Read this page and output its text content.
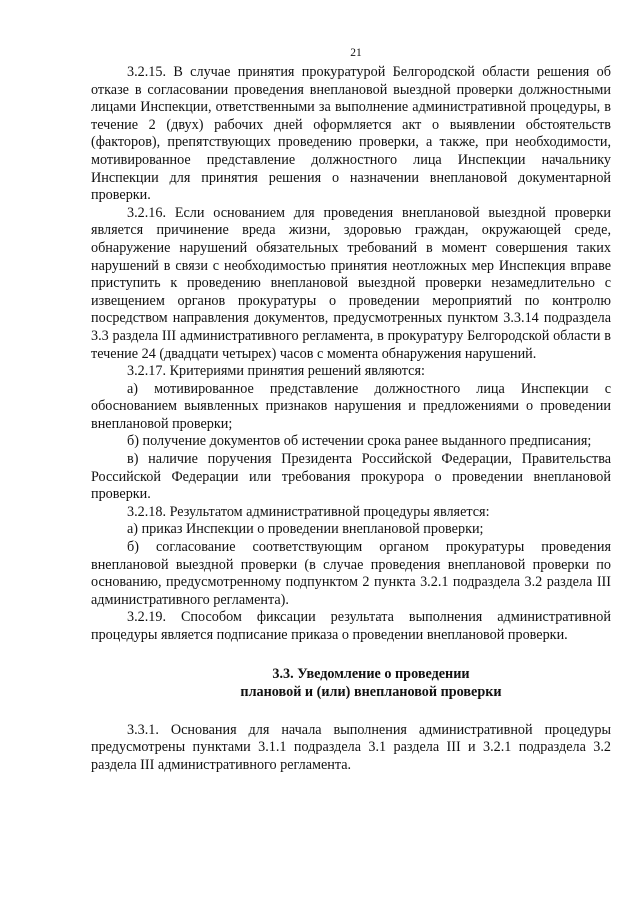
21

3.2.15. В случае принятия прокуратурой Белгородской области решения об отказе в согласовании проведения внеплановой выездной проверки должностными лицами Инспекции, ответственными за выполнение административной процедуры, в течение 2 (двух) рабочих дней оформляется акт о выявлении обстоятельств (факторов), препятствующих проведению проверки, а также, при необходимости, мотивированное представление должностного лица Инспекции начальнику Инспекции для принятия решения о назначении внеплановой документарной проверки.

3.2.16. Если основанием для проведения внеплановой выездной проверки является причинение вреда жизни, здоровью граждан, окружающей среде, обнаружение нарушений обязательных требований в момент совершения таких нарушений в связи с необходимостью принятия неотложных мер Инспекция вправе приступить к проведению внеплановой выездной проверки незамедлительно с извещением органов прокуратуры о проведении мероприятий по контролю посредством направления документов, предусмотренных пунктом 3.3.14 подраздела 3.3 раздела III административного регламента, в прокуратуру Белгородской области в течение 24 (двадцати четырех) часов с момента обнаружения нарушений.

3.2.17. Критериями принятия решений являются:

а) мотивированное представление должностного лица Инспекции с обоснованием выявленных признаков нарушения и предложениями о проведении внеплановой проверки;

б) получение документов об истечении срока ранее выданного предписания;

в) наличие поручения Президента Российской Федерации, Правительства Российской Федерации или требования прокурора о проведении внеплановой проверки.

3.2.18. Результатом административной процедуры является:

а) приказ Инспекции о проведении внеплановой проверки;

б) согласование соответствующим органом прокуратуры проведения внеплановой выездной проверки (в случае проведения внеплановой проверки по основанию, предусмотренному подпунктом 2 пункта 3.2.1 подраздела 3.2 раздела III административного регламента).

3.2.19. Способом фиксации результата выполнения административной процедуры является подписание приказа о проведении внеплановой проверки.

3.3. Уведомление о проведении
плановой и (или) внеплановой проверки

3.3.1. Основания для начала выполнения административной процедуры предусмотрены пунктами 3.1.1 подраздела 3.1 раздела III и 3.2.1 подраздела 3.2 раздела III административного регламента.
